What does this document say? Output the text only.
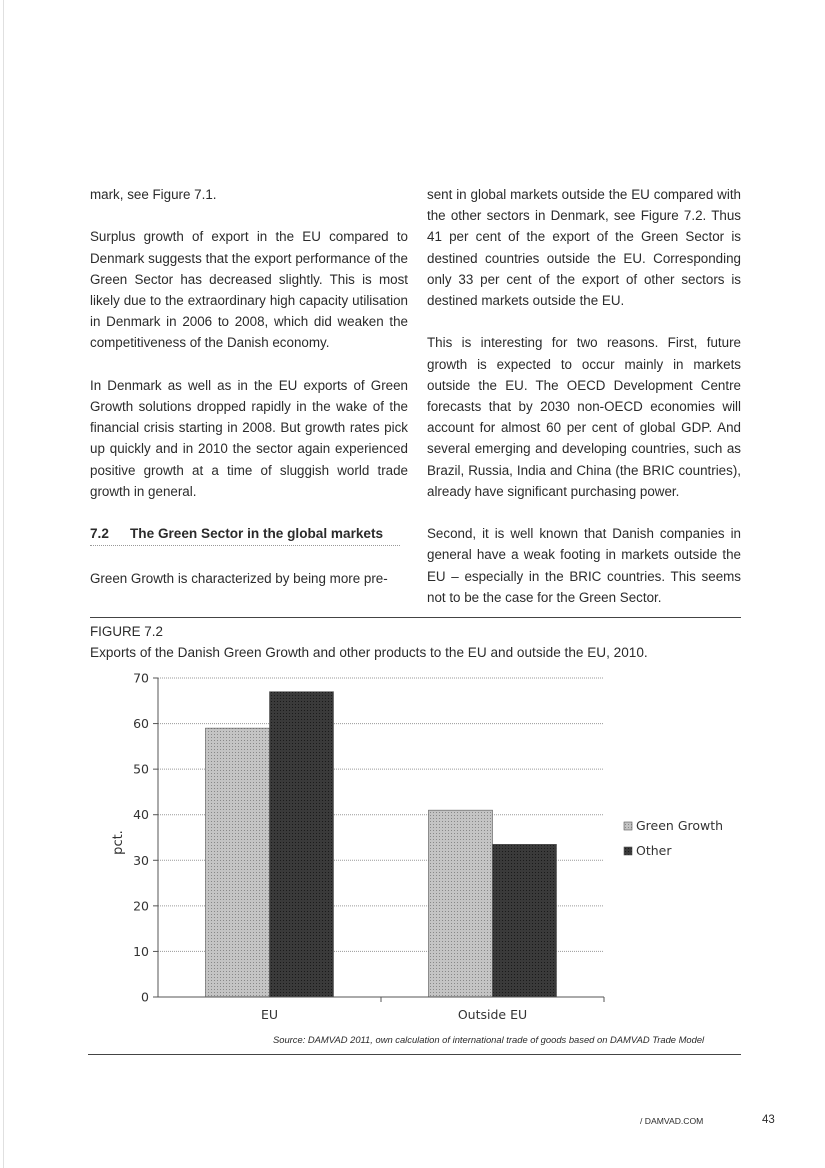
mark, see Figure 7.1.

Surplus growth of export in the EU compared to Denmark suggests that the export performance of the Green Sector has decreased slightly. This is most likely due to the extraordinary high capacity utilisation in Denmark in 2006 to 2008, which did weaken the competitiveness of the Danish economy.

In Denmark as well as in the EU exports of Green Growth solutions dropped rapidly in the wake of the financial crisis starting in 2008. But growth rates pick up quickly and in 2010 the sector again experienced positive growth at a time of sluggish world trade growth in general.

7.2 The Green Sector in the global markets

Green Growth is characterized by being more pre-

sent in global markets outside the EU compared with the other sectors in Denmark, see Figure 7.2. Thus 41 per cent of the export of the Green Sector is destined countries outside the EU. Corresponding only 33 per cent of the export of other sectors is destined markets outside the EU.

This is interesting for two reasons. First, future growth is expected to occur mainly in markets outside the EU. The OECD Development Centre forecasts that by 2030 non-OECD economies will account for almost 60 per cent of global GDP. And several emerging and developing countries, such as Brazil, Russia, India and China (the BRIC countries), already have significant purchasing power.

Second, it is well known that Danish companies in general have a weak footing in markets outside the EU – especially in the BRIC countries. This seems not to be the case for the Green Sector.

FIGURE 7.2
Exports of the Danish Green Growth and other products to the EU and outside the EU, 2010.
0
10
20
30
40
50
60
70
EU	Outside EU
pct.
Green Growth
Other
Source: DAMVAD 2011, own calculation of international trade of goods based on DAMVAD Trade Model
/ DAMVAD.COM	43
